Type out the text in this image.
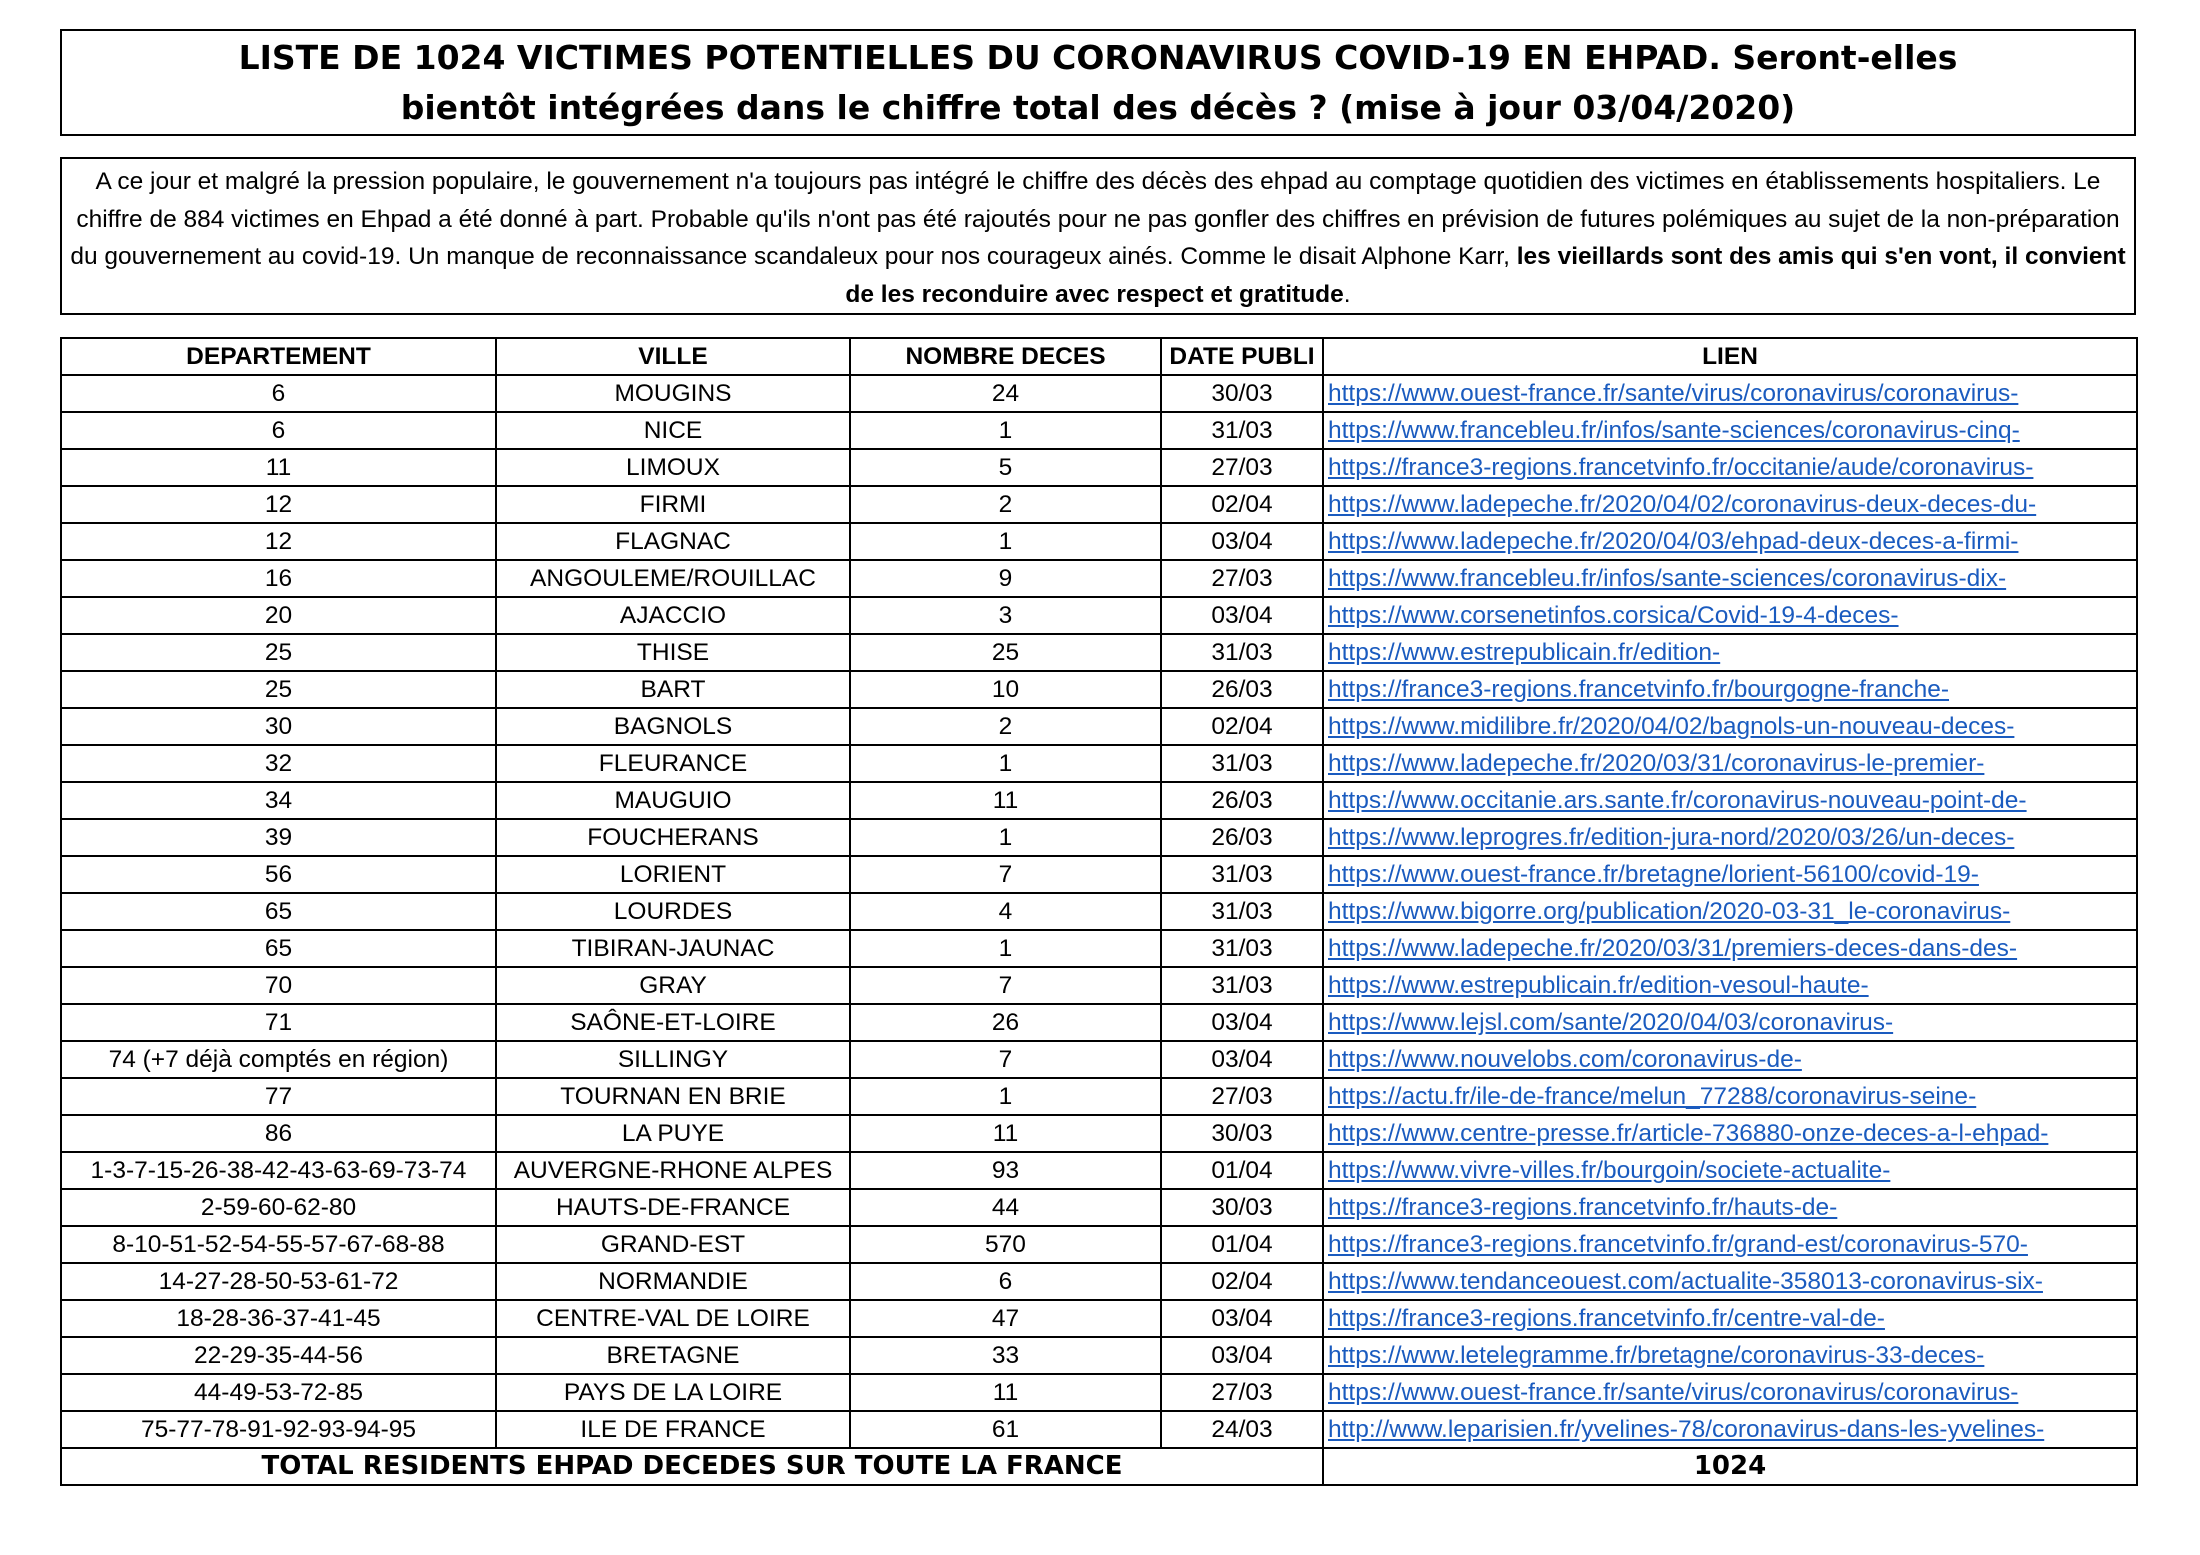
LISTE DE 1024 VICTIMES POTENTIELLES DU CORONAVIRUS COVID-19 EN EHPAD. Seront-elles
bientôt intégrées dans le chiffre total des décès ? (mise à jour 03/04/2020)

A ce jour et malgré la pression populaire, le gouvernement n'a toujours pas intégré le chiffre des décès des ehpad au comptage quotidien des victimes en établissements hospitaliers. Le chiffre de 884 victimes en Ehpad a été donné à part. Probable qu'ils n'ont pas été rajoutés pour ne pas gonfler des chiffres en prévision de futures polémiques au sujet de la non-préparation du gouvernement au covid-19. Un manque de reconnaissance scandaleux pour nos courageux ainés. Comme le disait Alphone Karr, les vieillards sont des amis qui s'en vont, il convient de les reconduire avec respect et gratitude.

DEPARTEMENT	VILLE	NOMBRE DECES	DATE PUBLI	LIEN
6	MOUGINS	24	30/03	https://www.ouest-france.fr/sante/virus/coronavirus/coronavirus-
6	NICE	1	31/03	https://www.francebleu.fr/infos/sante-sciences/coronavirus-cinq-
11	LIMOUX	5	27/03	https://france3-regions.francetvinfo.fr/occitanie/aude/coronavirus-
12	FIRMI	2	02/04	https://www.ladepeche.fr/2020/04/02/coronavirus-deux-deces-du-
12	FLAGNAC	1	03/04	https://www.ladepeche.fr/2020/04/03/ehpad-deux-deces-a-firmi-
16	ANGOULEME/ROUILLAC	9	27/03	https://www.francebleu.fr/infos/sante-sciences/coronavirus-dix-
20	AJACCIO	3	03/04	https://www.corsenetinfos.corsica/Covid-19-4-deces-
25	THISE	25	31/03	https://www.estrepublicain.fr/edition-
25	BART	10	26/03	https://france3-regions.francetvinfo.fr/bourgogne-franche-
30	BAGNOLS	2	02/04	https://www.midilibre.fr/2020/04/02/bagnols-un-nouveau-deces-
32	FLEURANCE	1	31/03	https://www.ladepeche.fr/2020/03/31/coronavirus-le-premier-
34	MAUGUIO	11	26/03	https://www.occitanie.ars.sante.fr/coronavirus-nouveau-point-de-
39	FOUCHERANS	1	26/03	https://www.leprogres.fr/edition-jura-nord/2020/03/26/un-deces-
56	LORIENT	7	31/03	https://www.ouest-france.fr/bretagne/lorient-56100/covid-19-
65	LOURDES	4	31/03	https://www.bigorre.org/publication/2020-03-31_le-coronavirus-
65	TIBIRAN-JAUNAC	1	31/03	https://www.ladepeche.fr/2020/03/31/premiers-deces-dans-des-
70	GRAY	7	31/03	https://www.estrepublicain.fr/edition-vesoul-haute-
71	SAÔNE-ET-LOIRE	26	03/04	https://www.lejsl.com/sante/2020/04/03/coronavirus-
74 (+7 déjà comptés en région)	SILLINGY	7	03/04	https://www.nouvelobs.com/coronavirus-de-
77	TOURNAN EN BRIE	1	27/03	https://actu.fr/ile-de-france/melun_77288/coronavirus-seine-
86	LA PUYE	11	30/03	https://www.centre-presse.fr/article-736880-onze-deces-a-l-ehpad-
1-3-7-15-26-38-42-43-63-69-73-74	AUVERGNE-RHONE ALPES	93	01/04	https://www.vivre-villes.fr/bourgoin/societe-actualite-
2-59-60-62-80	HAUTS-DE-FRANCE	44	30/03	https://france3-regions.francetvinfo.fr/hauts-de-
8-10-51-52-54-55-57-67-68-88	GRAND-EST	570	01/04	https://france3-regions.francetvinfo.fr/grand-est/coronavirus-570-
14-27-28-50-53-61-72	NORMANDIE	6	02/04	https://www.tendanceouest.com/actualite-358013-coronavirus-six-
18-28-36-37-41-45	CENTRE-VAL DE LOIRE	47	03/04	https://france3-regions.francetvinfo.fr/centre-val-de-
22-29-35-44-56	BRETAGNE	33	03/04	https://www.letelegramme.fr/bretagne/coronavirus-33-deces-
44-49-53-72-85	PAYS DE LA LOIRE	11	27/03	https://www.ouest-france.fr/sante/virus/coronavirus/coronavirus-
75-77-78-91-92-93-94-95	ILE DE FRANCE	61	24/03	http://www.leparisien.fr/yvelines-78/coronavirus-dans-les-yvelines-
TOTAL RESIDENTS EHPAD DECEDES SUR TOUTE LA FRANCE				1024
